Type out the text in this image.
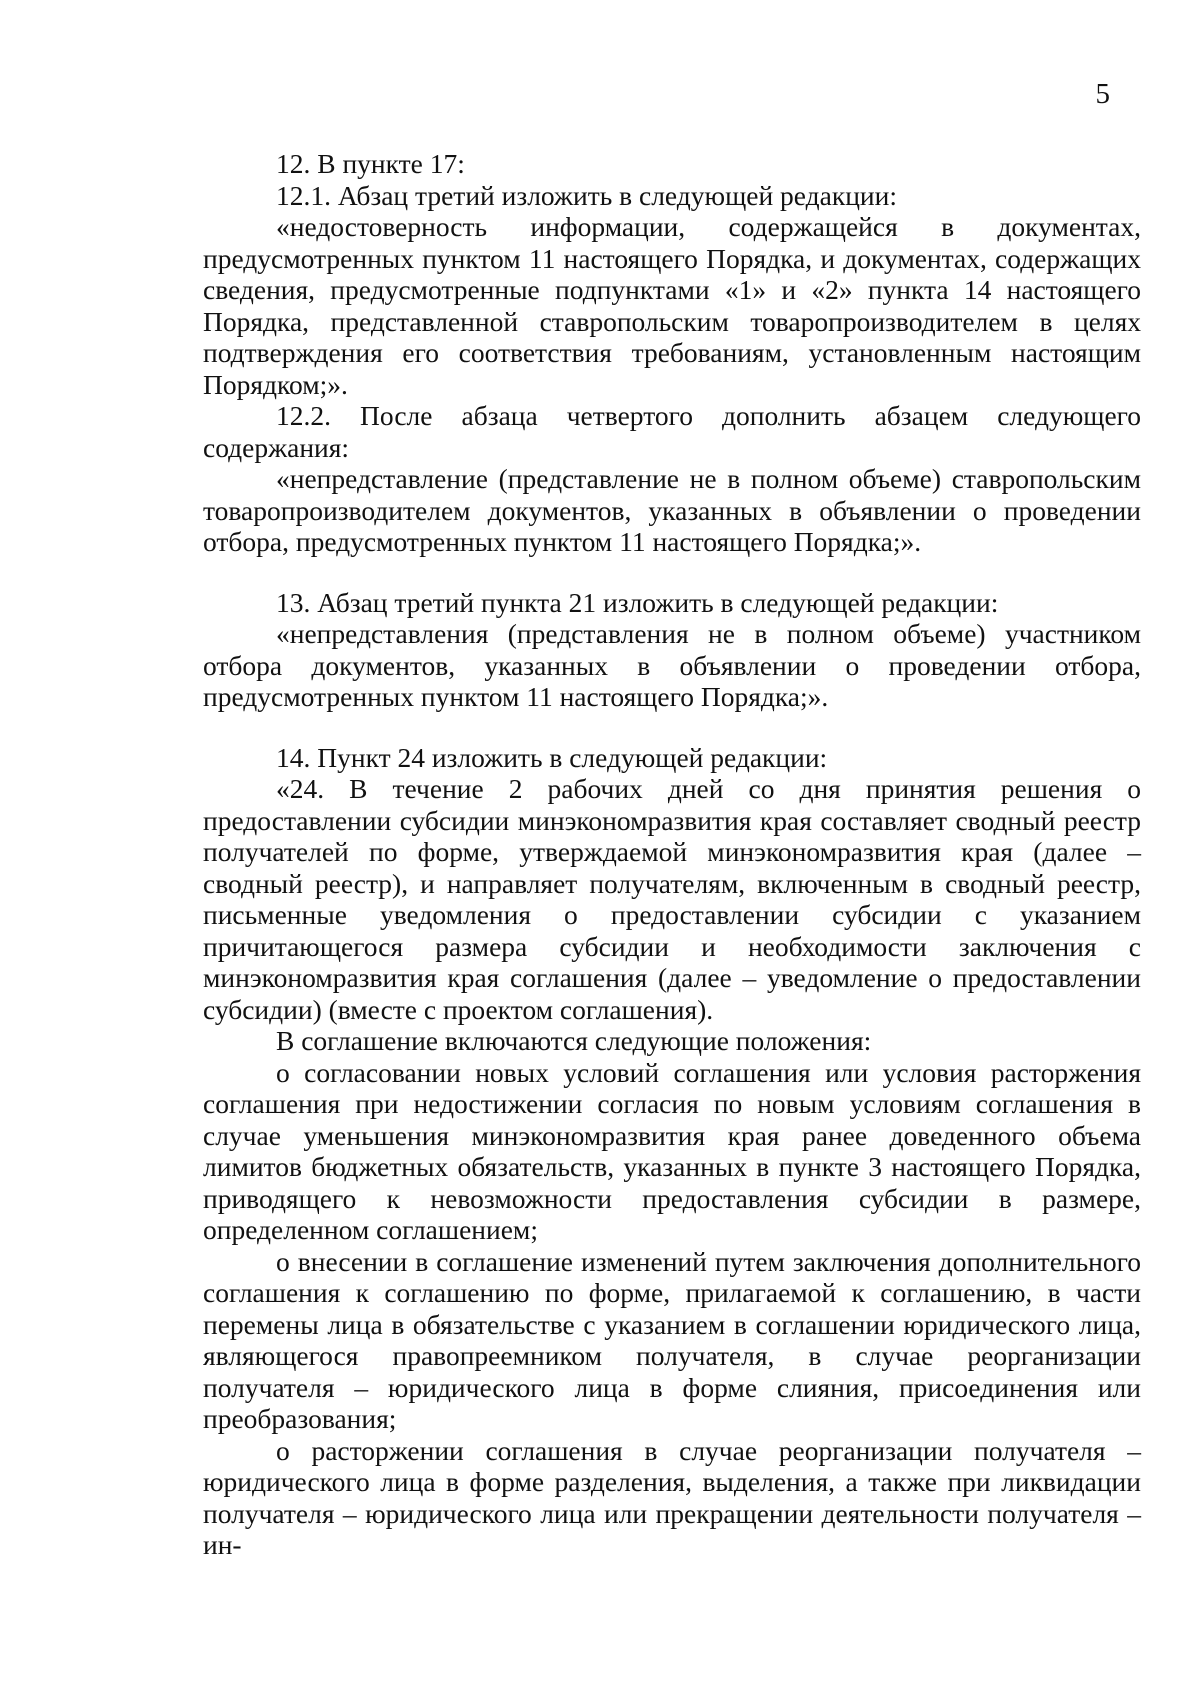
5

12. В пункте 17:

12.1. Абзац третий изложить в следующей редакции:

«недостоверность информации, содержащейся в документах, предусмотренных пунктом 11 настоящего Порядка, и документах, содержащих сведения, предусмотренные подпунктами «1» и «2» пункта 14 настоящего Порядка, представленной ставропольским товаропроизводителем в целях подтверждения его соответствия требованиям, установленным настоящим Порядком;».

12.2. После абзаца четвертого дополнить абзацем следующего содержания:

«непредставление (представление не в полном объеме) ставропольским товаропроизводителем документов, указанных в объявлении о проведении отбора, предусмотренных пунктом 11 настоящего Порядка;».

13. Абзац третий пункта 21 изложить в следующей редакции:

«непредставления (представления не в полном объеме) участником отбора документов, указанных в объявлении о проведении отбора, предусмотренных пунктом 11 настоящего Порядка;».

14. Пункт 24 изложить в следующей редакции:

«24. В течение 2 рабочих дней со дня принятия решения о предоставлении субсидии минэкономразвития края составляет сводный реестр получателей по форме, утверждаемой минэкономразвития края (далее – сводный реестр), и направляет получателям, включенным в сводный реестр, письменные уведомления о предоставлении субсидии с указанием причитающегося размера субсидии и необходимости заключения с минэкономразвития края соглашения (далее – уведомление о предоставлении субсидии) (вместе с проектом соглашения).

В соглашение включаются следующие положения:

о согласовании новых условий соглашения или условия расторжения соглашения при недостижении согласия по новым условиям соглашения в случае уменьшения минэкономразвития края ранее доведенного объема лимитов бюджетных обязательств, указанных в пункте 3 настоящего Порядка, приводящего к невозможности предоставления субсидии в размере, определенном соглашением;

о внесении в соглашение изменений путем заключения дополнительного соглашения к соглашению по форме, прилагаемой к соглашению, в части перемены лица в обязательстве с указанием в соглашении юридического лица, являющегося правопреемником получателя, в случае реорганизации получателя – юридического лица в форме слияния, присоединения или преобразования;

о расторжении соглашения в случае реорганизации получателя – юридического лица в форме разделения, выделения, а также при ликвидации получателя – юридического лица или прекращении деятельности получателя – ин-
